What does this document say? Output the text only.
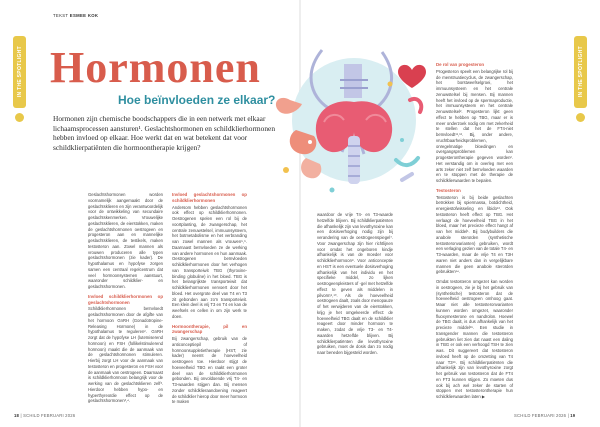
IN THE SPOTLIGHT	IN THE SPOTLIGHT
TEKST ESMEE KOK
Hormonen
Hoe beïnvloeden ze elkaar?

Hormonen zijn chemische boodschappers die in een netwerk met elkaar lichaamsprocessen aansturen¹. Geslachtshormonen en schildklierhormonen hebben invloed op elkaar. Hoe werkt dat en wat betekent dat voor schildklierpatiënten die hormoontherapie krijgen?

Geslachtshormonen worden voornamelijk aangemaakt door de geslachtsklieren en zijn verantwoordelijk voor de ontwikkeling van secundaire geslachtskenmerken. Vrouwelijke geslachtsklieren, de eierstokken, maken de geslachtshormonen oestrogeen en progesteron aan en mannelijke geslachtsklieren, de testikels, maken testosteron aan. Zowel mannen als vrouwen produceren alle typen geslachtshormonen (zie kader). De hypothalamus en hypofyse zorgen samen een centraal regelcentrum dat veel hormoonsystemen aanstuurt, waaronder schildklier- en geslachtshormonen.

Invloed schildklierhormonen op geslachtshormonen

Schildklierhormonen beïnvloedt geslachtshormonen door de afgifte van het hormoon GnRH (Gonadotropine-Releasing Hormone) in de hypothalamus te reguleren². GnRH zorgt dat de hypofyse LH (luteïniserend hormoon) en FSH (follikelstimulerend hormoon) maakt die de aanmaak van de geslachtshormonen stimuleren. Hierbij zorgt LH voor de aanmaak van testosteron en progesteron en FSH voor de aanmaak van oestrogeen. Daarnaast is schildklierhormoon belangrijk voor de werking van de geslachtsklieren zelf³. Hierdoor hebben hypo- en hyperthyreoïdie effect op de geslachtshormonen³,⁴.

Invloed geslachtshormonen op schildklierhormonen

Andersom hebben geslachtshormonen ook effect op schildklierhormonen. Oestrogenen spelen een rol bij de voortplanting, de zwangerschap, het centrale zenuwstelsel, immuunsysteem, het botmetabolisme en het verbranding van zowel mannen als vrouwen⁵,⁶. Daarnaast beïnvloeden ze de werking van andere hormonen en hun aanmaak. Oestrogenen beïnvloeden schildklierhormonen door het verhogen van transporteiwit TBG (thyroxine-binding globuline) in het bloed. TBG is het belangrijkste transporteiwit dat schildklierhormonen vervoert door het bloed. Het overgrote deel van T4 en T3 zit gebonden aan zo'n transporteiwit. Een klein deel is vrij T3 en T4 en kan de weefsels en cellen in om zijn werk te doen.

Hormoontherapie, pil en zwangerschap

Bij zwangerschap, gebruik van de anticonceptiepil of hormoonsuppletietherapie (HST, zie kader) neemt de hoeveelheid oestrogeen toe. Hierdoor stijgt de hoeveelheid TBG en raakt een groter deel van de schildklierhormonen gebonden. Bij onvoldoende vrij T4- en T3-waarden stijgen dan. Bij mensen zonder schildklieraandoening reageert de schildklier hierop door meer hormoon te maken

waardoor de vrije T4- en T3-waarde hetzelfde blijven. Bij schildklierpatiënten die afhankelijk zijn van levothyroxine kan een dosisverhoging nodig zijn bij verandering van de oestrogeenspiegel⁷. Voor zwangerschap zijn hier richtlijnen voor omdat het ongeboren kindje afhankelijk is van de moeder voor schildklierhormoon⁸. Voor anticonceptie en HST is een eventuele dosisverhoging afhankelijk van het individu en het specifieke middel, zo lijken oestrogeenpleisters of -gel met hetzelfde effect te geven als middelen in pilvorm⁹,¹⁰. Als de hoeveelheid oestrogeen daalt, zoals door menopauze of het verwijderen van de eierstokken, krijg je het omgekeerde effect: de hoeveelheid TBG daalt en de schildklier reageert door minder hormoon te maken, zodat de vrije T3- en T4-waarden hetzelfde blijven. Bij schildklierpatiënten die levothyroxine gebruiken, moet de dosis dan zo nodig naar beneden bijgesteld worden.

De rol van progesteron

Progesteron speelt een belangrijke rol bij de menstruatiecyclus, de zwangerschap, het borstweefselgroei, het immuunsysteem en het centrale zenuwstelsel bij mensen. Bij mannen heeft het invloed op de spermaproductie, het immuunsysteem en het centrale zenuwstelsel². Progesteron lijkt geen effect te hebben op TBG, maar er is meer onderzoek nodig om met zekerheid te stellen dat het de FT4-niet beïnvloedt¹¹,¹². Bij, onder andere, vruchtbaarheidsproblemen, onregelmatige bloedingen en overgangsproblemen kan progesterontherapie gegeven worden². Het verstandig om in overleg met een arts zeker niet zelf beïnvloeden waarden en te stoppen met de therapie de schildklierwaarden te bepalen.

Testosteron

Testosteron is bij beide geslachten betrokken bij spiermassa, botdichtheid, energiestofwisseling en libido¹³. Ook testosteron heeft effect op TBG. Het verlaagt de hoeveelheid TBG in het bloed, maar het precieze effect hangt af van het middel¹. Bij bodybuilders die anabole steroïden (synthetische testosteronvarianten) gebruiken, wordt een verlaging gezien van de totale T4- en T3-waarden, maar de vrije T4 en T3H waren niet anders dan in vergelijkbare mannen die geen anabole steroïden gebruikten¹⁴.

Omdat testosteron omgezet kan worden in oestrogeen, zie je bij het gebruik van (synthetische) testosteron dat de hoeveelheid oestrogeen omhoog gaat. Maar niet alle testosteronvarianten kunnen worden omgezet, waaronder fluoxymesterone en nandrolon. Hoewel de TBG daalt, is dus afhankelijk van het precieze middel¹⁵. Een studie in transgender mannen die testosteron gebruikten liet zien dat naast een daling in TBG er ook een verhoogd TSH te zien was. Dit suggereert dat testosteron invloed heeft op de omzetting van T4 naar T3¹⁶. Bij schildklierpatiënten die afhankelijk zijn van levothyroxine zorgt het gebruik van testosteron dat de FT4 en FT3 kunnen stijgen. Zo moeten dus ook bij ach wel zeker de starten of stoppen met testosterontherapie hun schildklierwaarden laten ▶

18 | SCHILD FEBRUARI 2026	SCHILD FEBRUARI 2026 | 19
